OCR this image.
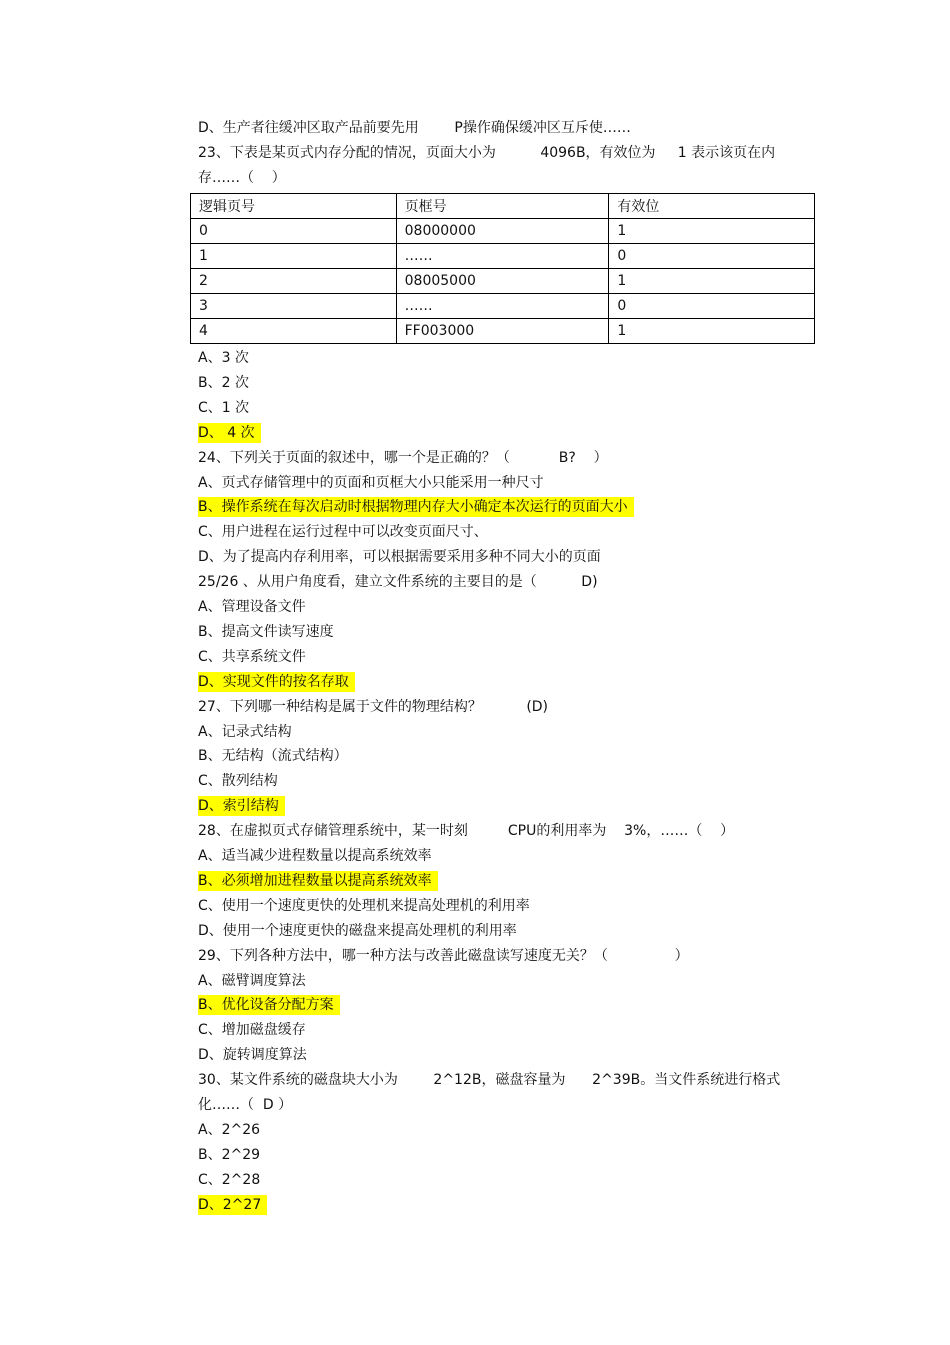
D、生产者往缓冲区取产品前要先用        P操作确保缓冲区互斥使……
23、下表是某页式内存分配的情况，页面大小为          4096B，有效位为     1 表示该页在内
存……（    ）
逻辑页号	页框号	有效位
0	08000000	1
1	……	0
2	08005000	1
3	……	0
4	FF003000	1
A、3 次
B、2 次
C、1 次
D、 4 次
24、下列关于页面的叙述中，哪一个是正确的？（           B?    ）
A、页式存储管理中的页面和页框大小只能采用一种尺寸
B、操作系统在每次启动时根据物理内存大小确定本次运行的页面大小
C、用户进程在运行过程中可以改变页面尺寸、
D、为了提高内存利用率，可以根据需要采用多种不同大小的页面
25/26 、从用户角度看，建立文件系统的主要目的是（          D)
A、管理设备文件
B、提高文件读写速度
C、共享系统文件
D、实现文件的按名存取
27、下列哪一种结构是属于文件的物理结构？          (D)
A、记录式结构
B、无结构（流式结构）
C、散列结构
D、索引结构
28、在虚拟页式存储管理系统中，某一时刻         CPU的利用率为    3%，……（    ）
A、适当减少进程数量以提高系统效率
B、必须增加进程数量以提高系统效率
C、使用一个速度更快的处理机来提高处理机的利用率
D、使用一个速度更快的磁盘来提高处理机的利用率
29、下列各种方法中，哪一种方法与改善此磁盘读写速度无关？（               ）
A、磁臂调度算法
B、优化设备分配方案
C、增加磁盘缓存
D、旋转调度算法
30、某文件系统的磁盘块大小为        2^12B，磁盘容量为      2^39B。当文件系统进行格式
化……（  D ）
A、2^26
B、2^29
C、2^28
D、2^27
